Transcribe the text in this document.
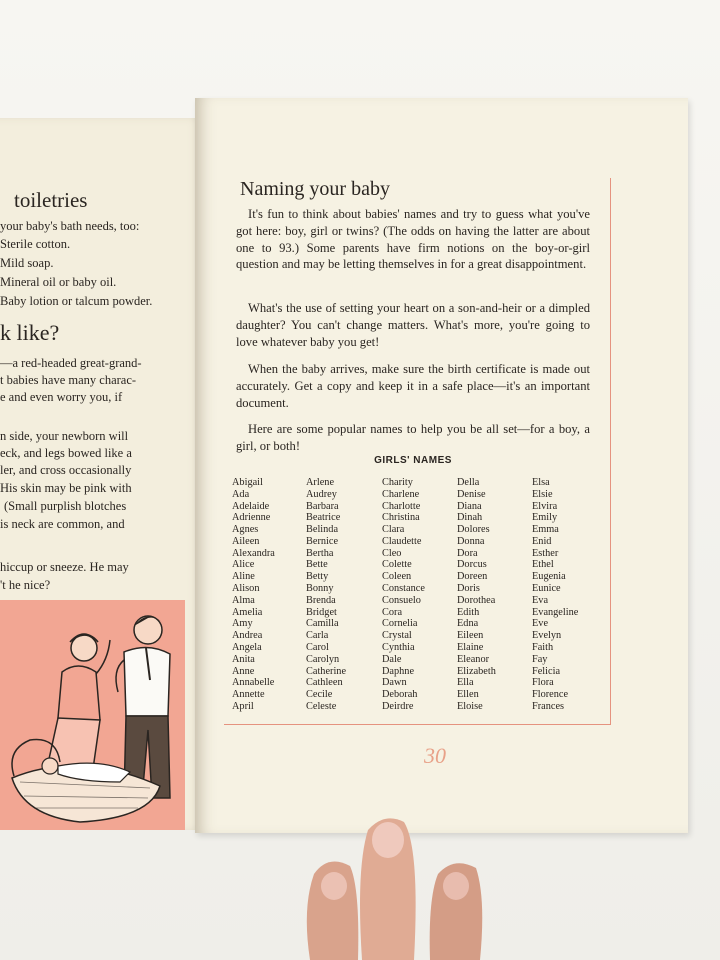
toiletries
your baby's bath needs, too:
Sterile cotton.
Mild soap.
Mineral oil or baby oil.
Baby lotion or talcum powder.
k like?
—a red-headed great-grand-
t babies have many charac-
e and even worry you, if
n side, your newborn will
eck, and legs bowed like a
ler, and cross occasionally
His skin may be pink with
(Small purplish blotches
is neck are common, and
hiccup or sneeze. He may
't he nice?
Naming your baby
It's fun to think about babies' names and try to guess what you've got here: boy, girl or twins? (The odds on having the latter are about one to 93.) Some parents have firm notions on the boy-or-girl question and may be letting themselves in for a great disappointment.
What's the use of setting your heart on a son-and-heir or a dimpled daughter? You can't change matters. What's more, you're going to love whatever baby you get!
When the baby arrives, make sure the birth certificate is made out accurately. Get a copy and keep it in a safe place—it's an important document.
Here are some popular names to help you be all set—for a boy, a girl, or both!
GIRLS' NAMES
Abigail
Ada
Adelaide
Adrienne
Agnes
Aileen
Alexandra
Alice
Aline
Alison
Alma
Amelia
Amy
Andrea
Angela
Anita
Anne
Annabelle
Annette
April
Arlene
Audrey
Barbara
Beatrice
Belinda
Bernice
Bertha
Bette
Betty
Bonny
Brenda
Bridget
Camilla
Carla
Carol
Carolyn
Catherine
Cathleen
Cecile
Celeste
Charity
Charlene
Charlotte
Christina
Clara
Claudette
Cleo
Colette
Coleen
Constance
Consuelo
Cora
Cornelia
Crystal
Cynthia
Dale
Daphne
Dawn
Deborah
Deirdre
Della
Denise
Diana
Dinah
Dolores
Donna
Dora
Dorcus
Doreen
Doris
Dorothea
Edith
Edna
Eileen
Elaine
Eleanor
Elizabeth
Ella
Ellen
Eloise
Elsa
Elsie
Elvira
Emily
Emma
Enid
Esther
Ethel
Eugenia
Eunice
Eva
Evangeline
Eve
Evelyn
Faith
Fay
Felicia
Flora
Florence
Frances
30
